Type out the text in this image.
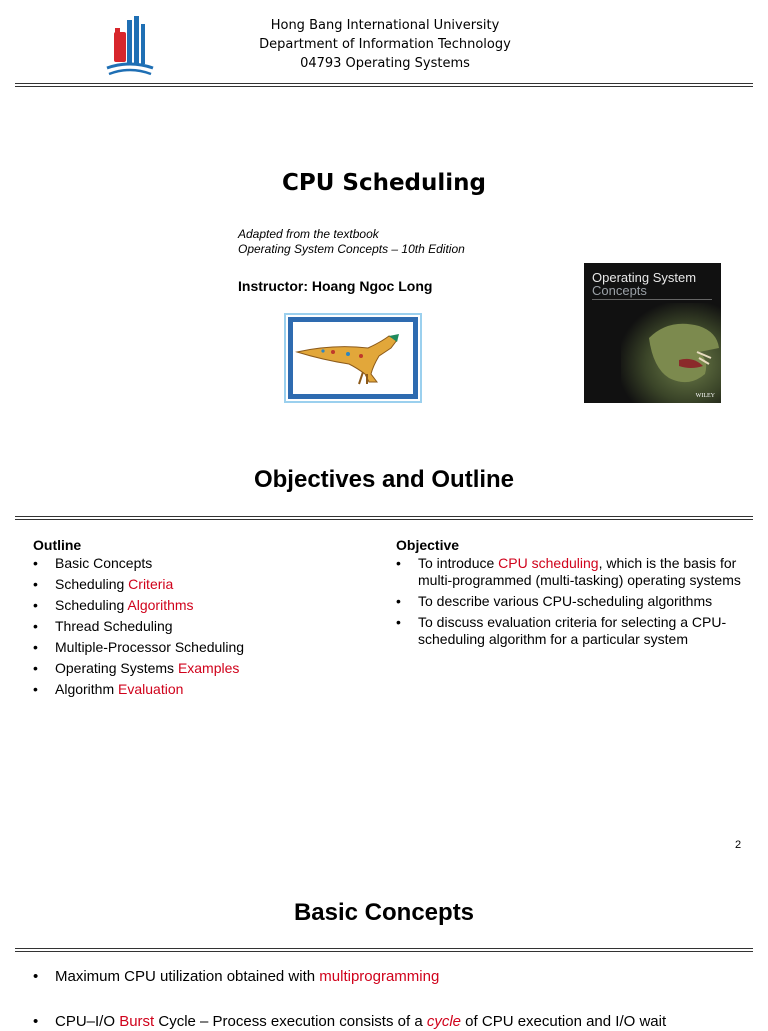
Hong Bang International University
Department of Information Technology
04793 Operating Systems
CPU Scheduling
Adapted from the textbook
Operating System Concepts – 10th Edition
Instructor: Hoang Ngoc Long
Operating System
Concepts
WILEY
Objectives and Outline
Outline
• Basic Concepts
• Scheduling Criteria
• Scheduling Algorithms
• Thread Scheduling
• Multiple-Processor Scheduling
• Operating Systems Examples
• Algorithm Evaluation
Objective
• To introduce CPU scheduling, which is the basis for multi-programmed (multi-tasking) operating systems
• To describe various CPU-scheduling algorithms
• To discuss evaluation criteria for selecting a CPU-scheduling algorithm for a particular system
2
Basic Concepts
• Maximum CPU utilization obtained with multiprogramming
• CPU–I/O Burst Cycle – Process execution consists of a cycle of CPU execution and I/O wait
